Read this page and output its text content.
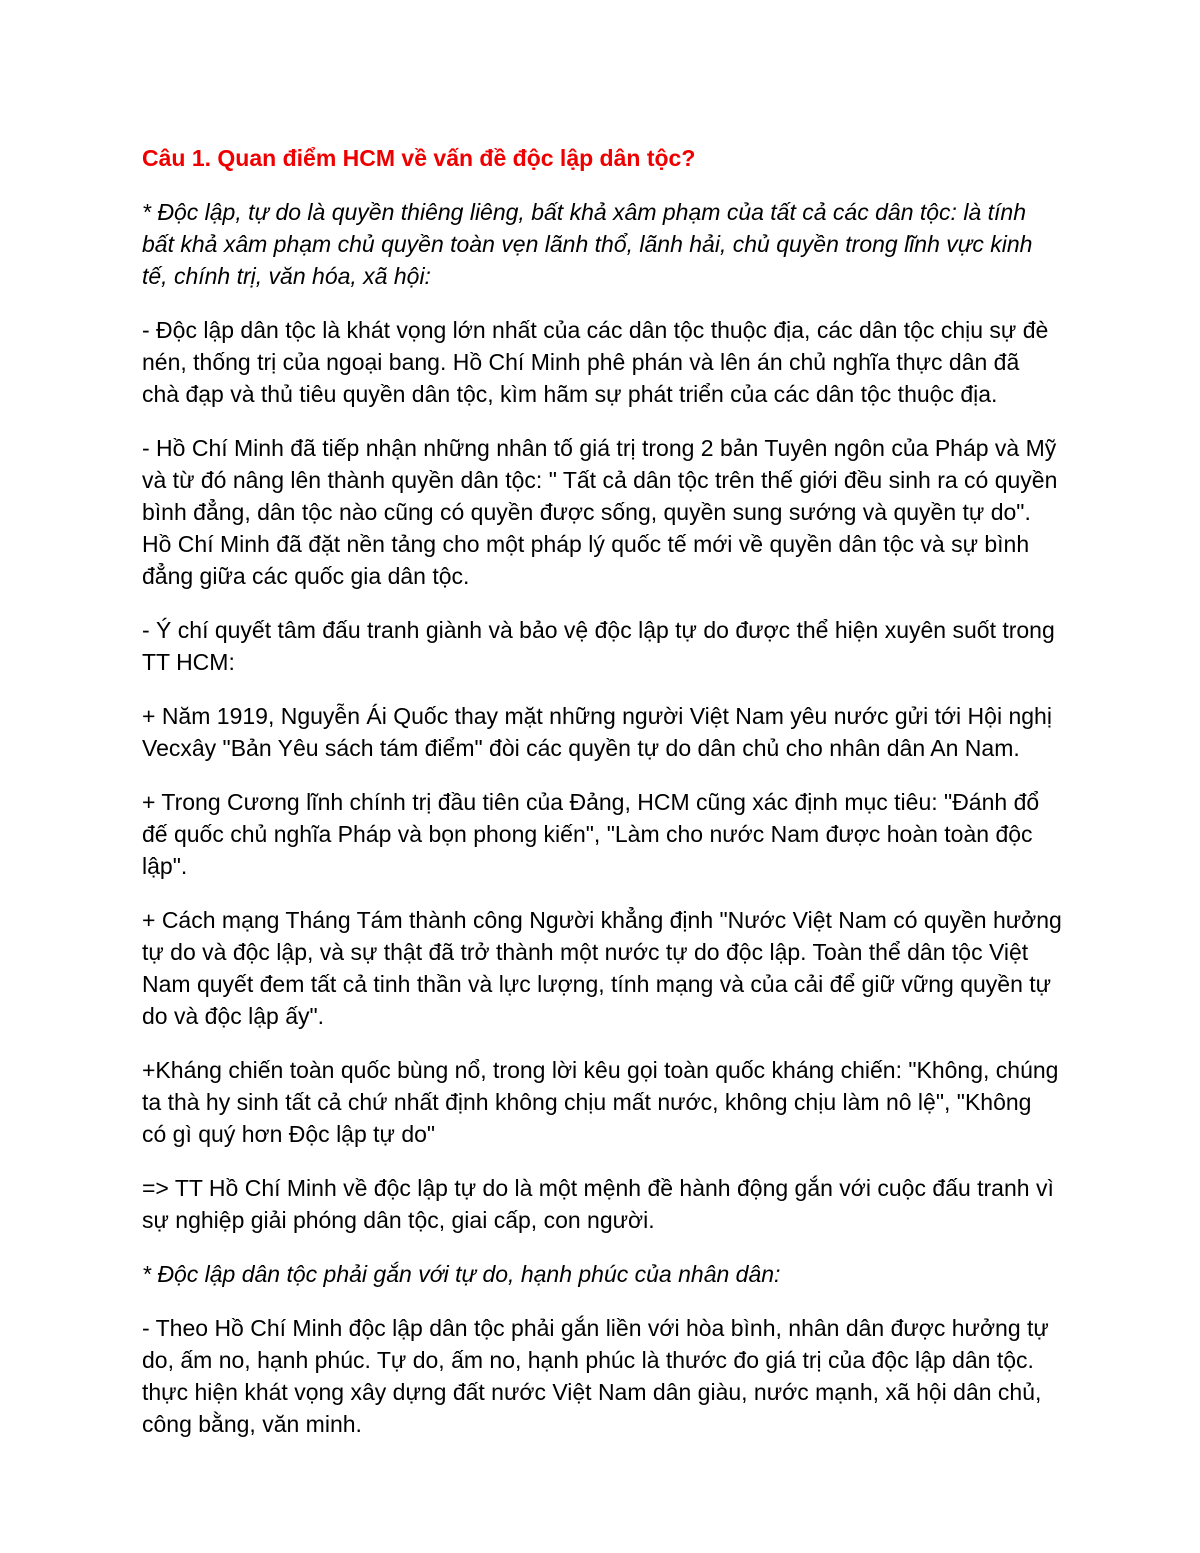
Câu 1. Quan điểm HCM về vấn đề độc lập dân tộc?

* Độc lập, tự do là quyền thiêng liêng, bất khả xâm phạm của tất cả các dân tộc: là tính bất khả xâm phạm chủ quyền toàn vẹn lãnh thổ, lãnh hải, chủ quyền trong lĩnh vực kinh tế, chính trị, văn hóa, xã hội:

- Độc lập dân tộc là khát vọng lớn nhất của các dân tộc thuộc địa, các dân tộc chịu sự đè nén, thống trị của ngoại bang. Hồ Chí Minh phê phán và lên án chủ nghĩa thực dân đã chà đạp và thủ tiêu quyền dân tộc, kìm hãm sự phát triển của các dân tộc thuộc địa.

- Hồ Chí Minh đã tiếp nhận những nhân tố giá trị trong 2 bản Tuyên ngôn của Pháp và Mỹ và từ đó nâng lên thành quyền dân tộc: " Tất cả dân tộc trên thế giới đều sinh ra có quyền bình đẳng, dân tộc nào cũng có quyền được sống, quyền sung sướng và quyền tự do". Hồ Chí Minh đã đặt nền tảng cho một pháp lý quốc tế mới về quyền dân tộc và sự bình đẳng giữa các quốc gia dân tộc.

- Ý chí quyết tâm đấu tranh giành và bảo vệ độc lập tự do được thể hiện xuyên suốt trong TT HCM:

+ Năm 1919, Nguyễn Ái Quốc thay mặt những người Việt Nam yêu nước gửi tới Hội nghị Vecxây "Bản Yêu sách tám điểm" đòi các quyền tự do dân chủ cho nhân dân An Nam.

+ Trong Cương lĩnh chính trị đầu tiên của Đảng, HCM cũng xác định mục tiêu: "Đánh đổ đế quốc chủ nghĩa Pháp và bọn phong kiến", "Làm cho nước Nam được hoàn toàn độc lập".

+ Cách mạng Tháng Tám thành công Người khẳng định "Nước Việt Nam có quyền hưởng tự do và độc lập, và sự thật đã trở thành một nước tự do độc lập. Toàn thể dân tộc Việt Nam quyết đem tất cả tinh thần và lực lượng, tính mạng và của cải để giữ vững quyền tự do và độc lập ấy".

+Kháng chiến toàn quốc bùng nổ, trong lời kêu gọi toàn quốc kháng chiến: "Không, chúng ta thà hy sinh tất cả chứ nhất định không chịu mất nước, không chịu làm nô lệ", "Không có gì quý hơn Độc lập tự do"

=> TT Hồ Chí Minh về độc lập tự do là một mệnh đề hành động gắn với cuộc đấu tranh vì sự nghiệp giải phóng dân tộc, giai cấp, con người.

* Độc lập dân tộc phải gắn với tự do, hạnh phúc của nhân dân:

- Theo Hồ Chí Minh độc lập dân tộc phải gắn liền với hòa bình, nhân dân được hưởng tự do, ấm no, hạnh phúc. Tự do, ấm no, hạnh phúc là thước đo giá trị của độc lập dân tộc. thực hiện khát vọng xây dựng đất nước Việt Nam dân giàu, nước mạnh, xã hội dân chủ, công bằng, văn minh.
